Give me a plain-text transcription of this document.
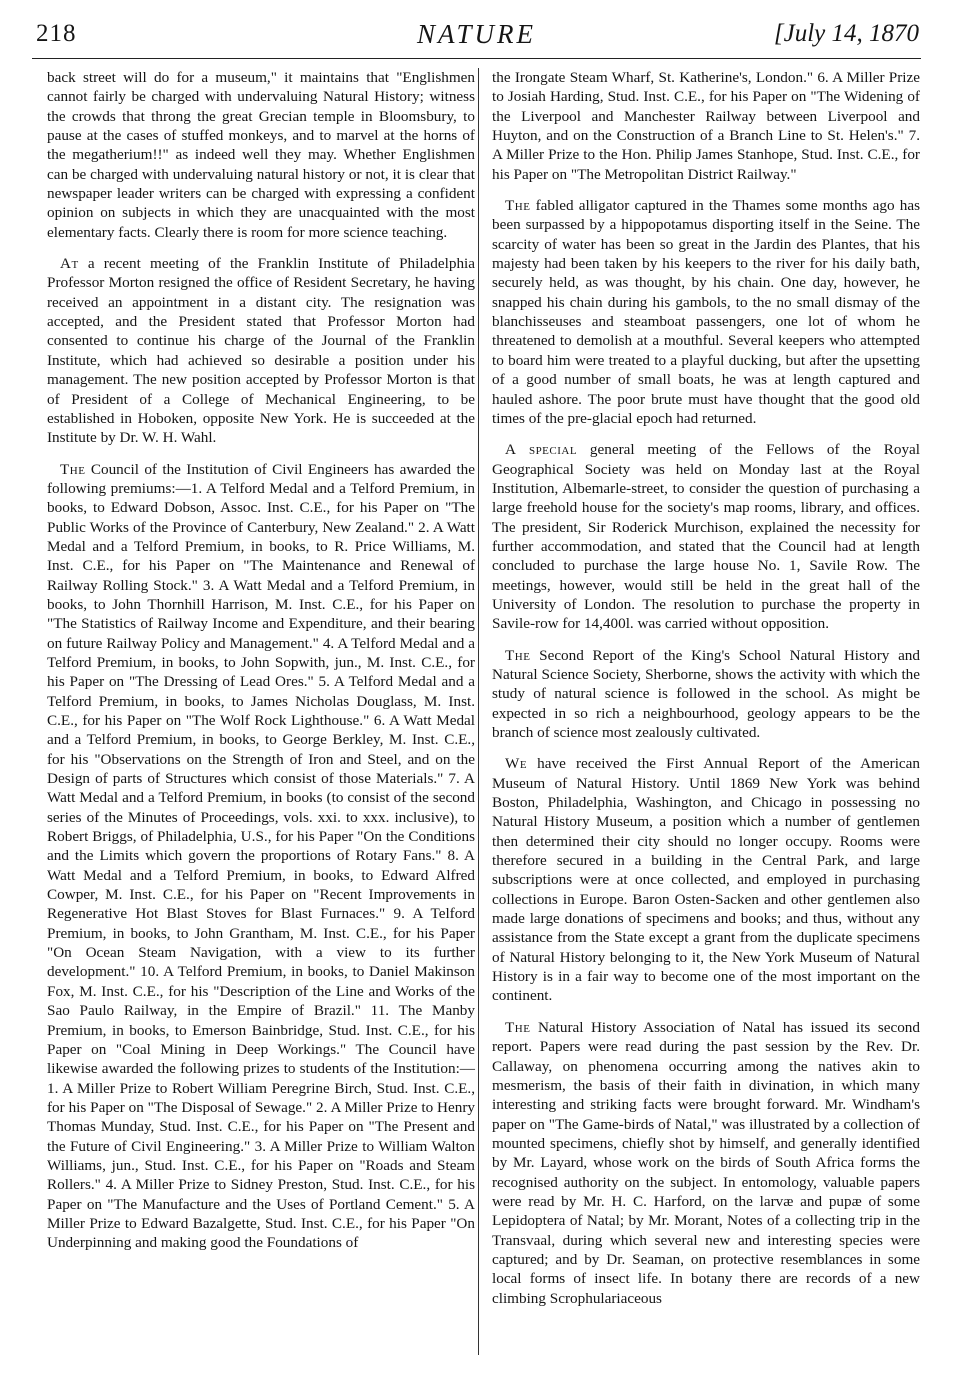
218	NATURE	[July 14, 1870

back street will do for a museum," it maintains that "Englishmen cannot fairly be charged with undervaluing Natural History; witness the crowds that throng the great Grecian temple in Bloomsbury, to pause at the cases of stuffed monkeys, and to marvel at the horns of the megatherium!!" as indeed well they may. Whether Englishmen can be charged with undervaluing natural history or not, it is clear that newspaper leader writers can be charged with expressing a confident opinion on subjects in which they are unacquainted with the most elementary facts. Clearly there is room for more science teaching.

At a recent meeting of the Franklin Institute of Philadelphia Professor Morton resigned the office of Resident Secretary, he having received an appointment in a distant city. The resignation was accepted, and the President stated that Professor Morton had consented to continue his charge of the Journal of the Franklin Institute, which had achieved so desirable a position under his management. The new position accepted by Professor Morton is that of President of a College of Mechanical Engineering, to be established in Hoboken, opposite New York. He is succeeded at the Institute by Dr. W. H. Wahl.

The Council of the Institution of Civil Engineers has awarded the following premiums:—1. A Telford Medal and a Telford Premium, in books, to Edward Dobson, Assoc. Inst. C.E., for his Paper on "The Public Works of the Province of Canterbury, New Zealand." 2. A Watt Medal and a Telford Premium, in books, to R. Price Williams, M. Inst. C.E., for his Paper on "The Maintenance and Renewal of Railway Rolling Stock." 3. A Watt Medal and a Telford Premium, in books, to John Thornhill Harrison, M. Inst. C.E., for his Paper on "The Statistics of Railway Income and Expenditure, and their bearing on future Railway Policy and Management." 4. A Telford Medal and a Telford Premium, in books, to John Sopwith, jun., M. Inst. C.E., for his Paper on "The Dressing of Lead Ores." 5. A Telford Medal and a Telford Premium, in books, to James Nicholas Douglass, M. Inst. C.E., for his Paper on "The Wolf Rock Lighthouse." 6. A Watt Medal and a Telford Premium, in books, to George Berkley, M. Inst. C.E., for his "Observations on the Strength of Iron and Steel, and on the Design of parts of Structures which consist of those Materials." 7. A Watt Medal and a Telford Premium, in books (to consist of the second series of the Minutes of Proceedings, vols. xxi. to xxx. inclusive), to Robert Briggs, of Philadelphia, U.S., for his Paper "On the Conditions and the Limits which govern the proportions of Rotary Fans." 8. A Watt Medal and a Telford Premium, in books, to Edward Alfred Cowper, M. Inst. C.E., for his Paper on "Recent Improvements in Regenerative Hot Blast Stoves for Blast Furnaces." 9. A Telford Premium, in books, to John Grantham, M. Inst. C.E., for his Paper "On Ocean Steam Navigation, with a view to its further development." 10. A Telford Premium, in books, to Daniel Makinson Fox, M. Inst. C.E., for his "Description of the Line and Works of the Sao Paulo Railway, in the Empire of Brazil." 11. The Manby Premium, in books, to Emerson Bainbridge, Stud. Inst. C.E., for his Paper on "Coal Mining in Deep Workings." The Council have likewise awarded the following prizes to students of the Institution:—1. A Miller Prize to Robert William Peregrine Birch, Stud. Inst. C.E., for his Paper on "The Disposal of Sewage." 2. A Miller Prize to Henry Thomas Munday, Stud. Inst. C.E., for his Paper on "The Present and the Future of Civil Engineering." 3. A Miller Prize to William Walton Williams, jun., Stud. Inst. C.E., for his Paper on "Roads and Steam Rollers." 4. A Miller Prize to Sidney Preston, Stud. Inst. C.E., for his Paper on "The Manufacture and the Uses of Portland Cement." 5. A Miller Prize to Edward Bazalgette, Stud. Inst. C.E., for his Paper "On Underpinning and making good the Foundations of

the Irongate Steam Wharf, St. Katherine's, London." 6. A Miller Prize to Josiah Harding, Stud. Inst. C.E., for his Paper on "The Widening of the Liverpool and Manchester Railway between Liverpool and Huyton, and on the Construction of a Branch Line to St. Helen's." 7. A Miller Prize to the Hon. Philip James Stanhope, Stud. Inst. C.E., for his Paper on "The Metropolitan District Railway."

The fabled alligator captured in the Thames some months ago has been surpassed by a hippopotamus disporting itself in the Seine. The scarcity of water has been so great in the Jardin des Plantes, that his majesty had been taken by his keepers to the river for his daily bath, securely held, as was thought, by his chain. One day, however, he snapped his chain during his gambols, to the no small dismay of the blanchisseuses and steamboat passengers, one lot of whom he threatened to demolish at a mouthful. Several keepers who attempted to board him were treated to a playful ducking, but after the upsetting of a good number of small boats, he was at length captured and hauled ashore. The poor brute must have thought that the good old times of the pre-glacial epoch had returned.

A special general meeting of the Fellows of the Royal Geographical Society was held on Monday last at the Royal Institution, Albemarle-street, to consider the question of purchasing a large freehold house for the society's map rooms, library, and offices. The president, Sir Roderick Murchison, explained the necessity for further accommodation, and stated that the Council had at length concluded to purchase the large house No. 1, Savile Row. The meetings, however, would still be held in the great hall of the University of London. The resolution to purchase the property in Savile-row for 14,400l. was carried without opposition.

The Second Report of the King's School Natural History and Natural Science Society, Sherborne, shows the activity with which the study of natural science is followed in the school. As might be expected in so rich a neighbourhood, geology appears to be the branch of science most zealously cultivated.

We have received the First Annual Report of the American Museum of Natural History. Until 1869 New York was behind Boston, Philadelphia, Washington, and Chicago in possessing no Natural History Museum, a position which a number of gentlemen then determined their city should no longer occupy. Rooms were therefore secured in a building in the Central Park, and large subscriptions were at once collected, and employed in purchasing collections in Europe. Baron Osten-Sacken and other gentlemen also made large donations of specimens and books; and thus, without any assistance from the State except a grant from the duplicate specimens of Natural History belonging to it, the New York Museum of Natural History is in a fair way to become one of the most important on the continent.

The Natural History Association of Natal has issued its second report. Papers were read during the past session by the Rev. Dr. Callaway, on phenomena occurring among the natives akin to mesmerism, the basis of their faith in divination, in which many interesting and striking facts were brought forward. Mr. Windham's paper on "The Game-birds of Natal," was illustrated by a collection of mounted specimens, chiefly shot by himself, and generally identified by Mr. Layard, whose work on the birds of South Africa forms the recognised authority on the subject. In entomology, valuable papers were read by Mr. H. C. Harford, on the larvæ and pupæ of some Lepidoptera of Natal; by Mr. Morant, Notes of a collecting trip in the Transvaal, during which several new and interesting species were captured; and by Dr. Seaman, on protective resemblances in some local forms of insect life. In botany there are records of a new climbing Scrophulariaceous
